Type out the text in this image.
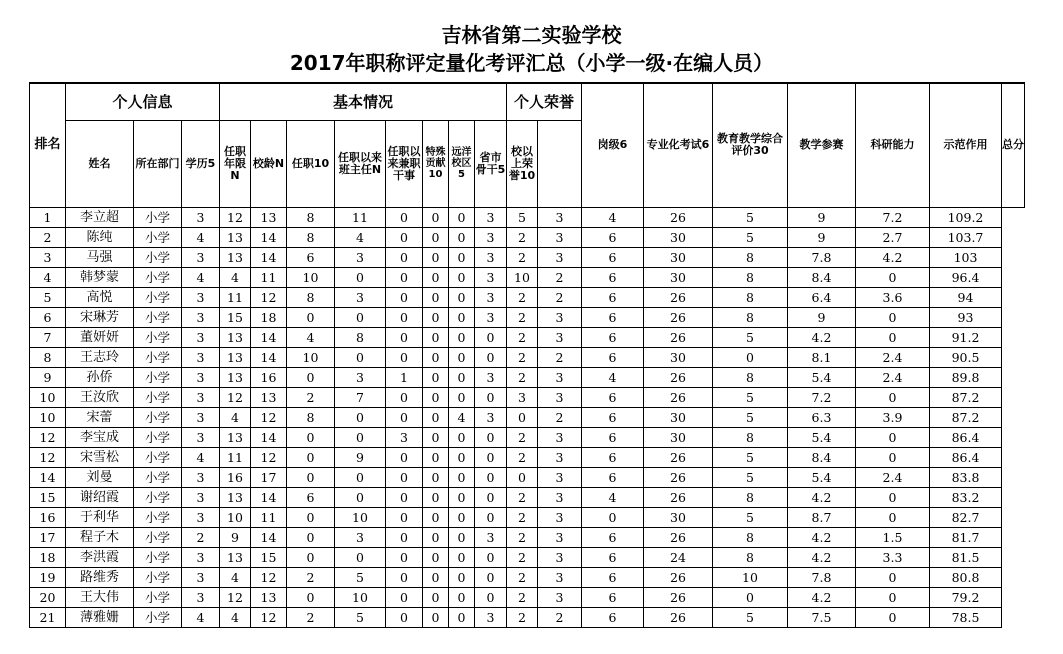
吉林省第二实验学校
2017年职称评定量化考评汇总（小学一级·在编人员）
排名	个人信息			基本情况								个人荣誉		岗级6	专业化考试6	教育教学综合评价30	教学参赛	科研能力	示范作用	总分
	姓名	所在部门	学历5	任职年限N	校龄N	任职10	任职以来班主任N	任职以来兼职干事	特殊贡献10	远洋校区5	省市骨干5	校以上荣誉10								
1	李立超	小学	3	12	13	8	11	0	0	0	3	5	3	4	26	5	9	7.2	109.2	
2	陈纯	小学	4	13	14	8	4	0	0	0	3	2	3	6	30	5	9	2.7	103.7	
3	马强	小学	3	13	14	6	3	0	0	0	3	2	3	6	30	8	7.8	4.2	103	
4	韩梦蒙	小学	4	4	11	10	0	0	0	0	3	10	2	6	30	8	8.4	0	96.4	
5	高悦	小学	3	11	12	8	3	0	0	0	3	2	2	6	26	8	6.4	3.6	94	
6	宋琳芳	小学	3	15	18	0	0	0	0	0	3	2	3	6	26	8	9	0	93	
7	董妍妍	小学	3	13	14	4	8	0	0	0	0	2	3	6	26	5	4.2	0	91.2	
8	王志玲	小学	3	13	14	10	0	0	0	0	0	2	2	6	30	0	8.1	2.4	90.5	
9	孙侨	小学	3	13	16	0	3	1	0	0	3	2	3	4	26	8	5.4	2.4	89.8	
10	王汝欣	小学	3	12	13	2	7	0	0	0	0	3	3	6	26	5	7.2	0	87.2	
10	宋蕾	小学	3	4	12	8	0	0	0	4	3	0	2	6	30	5	6.3	3.9	87.2	
12	李宝成	小学	3	13	14	0	0	3	0	0	0	2	3	6	30	8	5.4	0	86.4	
12	宋雪松	小学	4	11	12	0	9	0	0	0	0	2	3	6	26	5	8.4	0	86.4	
14	刘曼	小学	3	16	17	0	0	0	0	0	0	0	3	6	26	5	5.4	2.4	83.8	
15	谢绍霞	小学	3	13	14	6	0	0	0	0	0	2	3	4	26	8	4.2	0	83.2	
16	于利华	小学	3	10	11	0	10	0	0	0	0	2	3	0	30	5	8.7	0	82.7	
17	程子木	小学	2	9	14	0	3	0	0	0	3	2	3	6	26	8	4.2	1.5	81.7	
18	李洪霞	小学	3	13	15	0	0	0	0	0	0	2	3	6	24	8	4.2	3.3	81.5	
19	路维秀	小学	3	4	12	2	5	0	0	0	0	2	3	6	26	10	7.8	0	80.8	
20	王大伟	小学	3	12	13	0	10	0	0	0	0	2	3	6	26	0	4.2	0	79.2	
21	薄雅姗	小学	4	4	12	2	5	0	0	0	3	2	2	6	26	5	7.5	0	78.5	
